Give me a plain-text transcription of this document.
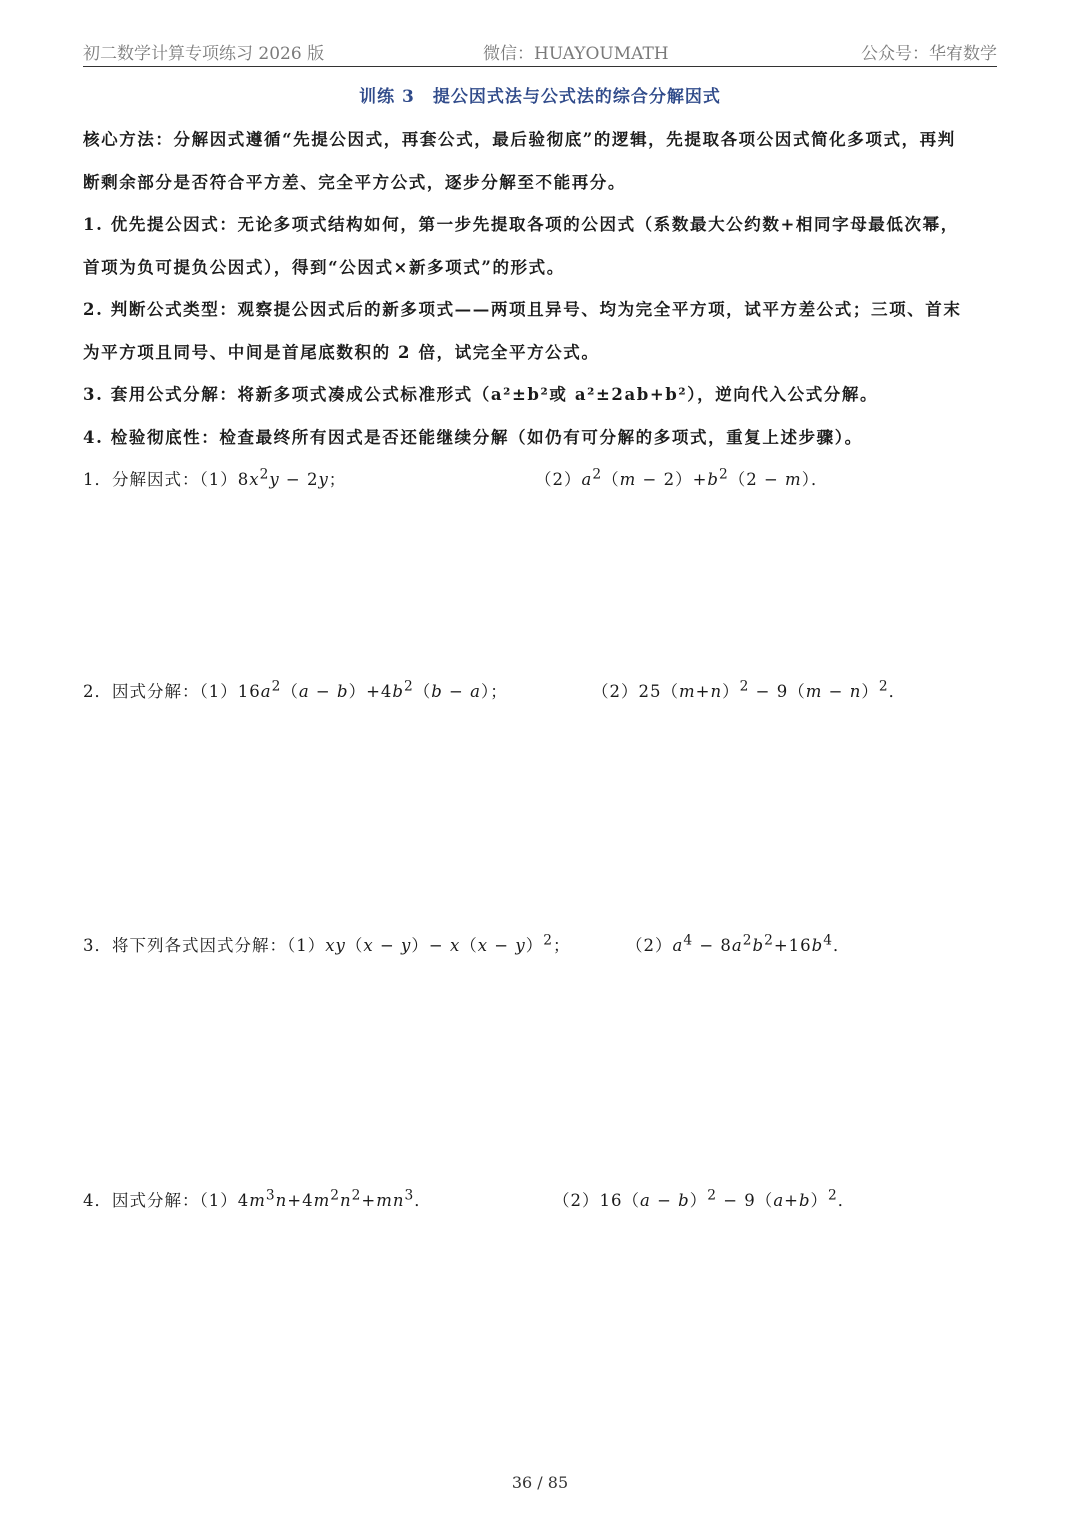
初二数学计算专项练习 2026 版	微信：HUAYOUMATH	公众号：华宥数学
训练 3　提公因式法与公式法的综合分解因式
核心方法：分解因式遵循“先提公因式，再套公式，最后验彻底”的逻辑，先提取各项公因式简化多项式，再判
断剩余部分是否符合平方差、完全平方公式，逐步分解至不能再分。
1. 优先提公因式：无论多项式结构如何，第一步先提取各项的公因式（系数最大公约数+相同字母最低次幂，
首项为负可提负公因式），得到“公因式×新多项式”的形式。
2. 判断公式类型：观察提公因式后的新多项式——两项且异号、均为完全平方项，试平方差公式；三项、首末
为平方项且同号、中间是首尾底数积的 2 倍，试完全平方公式。
3. 套用公式分解：将新多项式凑成公式标准形式（a²±b²或 a²±2ab+b²），逆向代入公式分解。
4. 检验彻底性：检查最终所有因式是否还能继续分解（如仍有可分解的多项式，重复上述步骤）。
1．分解因式：$(1)8x^2y - 2y$；	$(2)a^2(m - 2)+b^2(2 - m)$．
2．因式分解：$(1)16a^2(a - b)+4b^2(b - a)$；	$(2)25(m+n)^2 - 9(m - n)^2$．
3．将下列各式因式分解：$(1)xy(x - y)- x(x - y)^2$；	$(2)a^4 - 8a^2b^2+16b^4$．
4．因式分解：$(1)4m^3n+4m^2n^2+mn^3$．	$(2)16(a - b)^2 - 9(a+b)^2$．
36 / 85
